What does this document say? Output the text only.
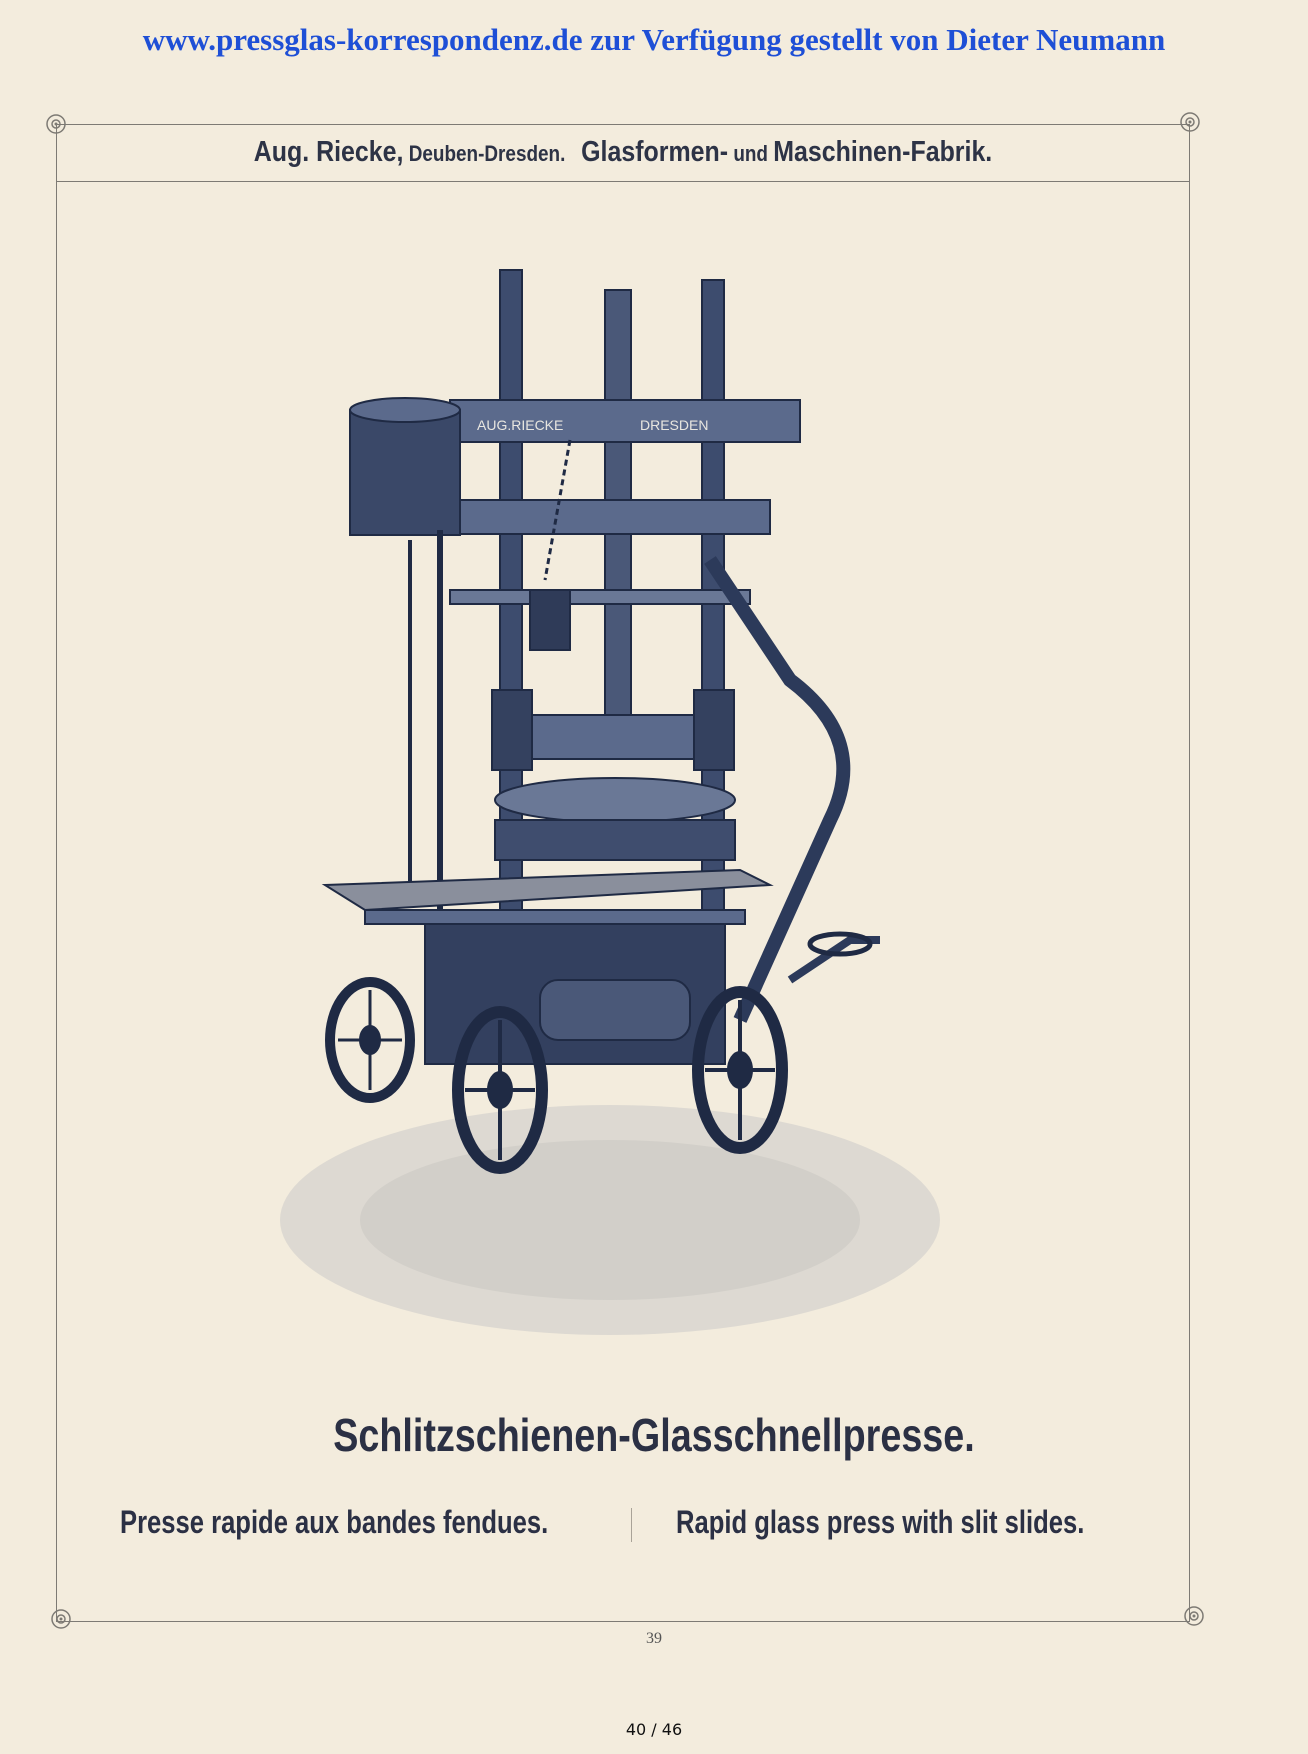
www.pressglas-korrespondenz.de zur Verfügung gestellt von Dieter Neumann
Aug. Riecke, Deuben-Dresden. Glasformen- und Maschinen-Fabrik.
AUG.RIECKE	DRESDEN
Schlitzschienen-Glasschnellpresse.
Presse rapide aux bandes fendues.	Rapid glass press with slit slides.
39
40 / 46
